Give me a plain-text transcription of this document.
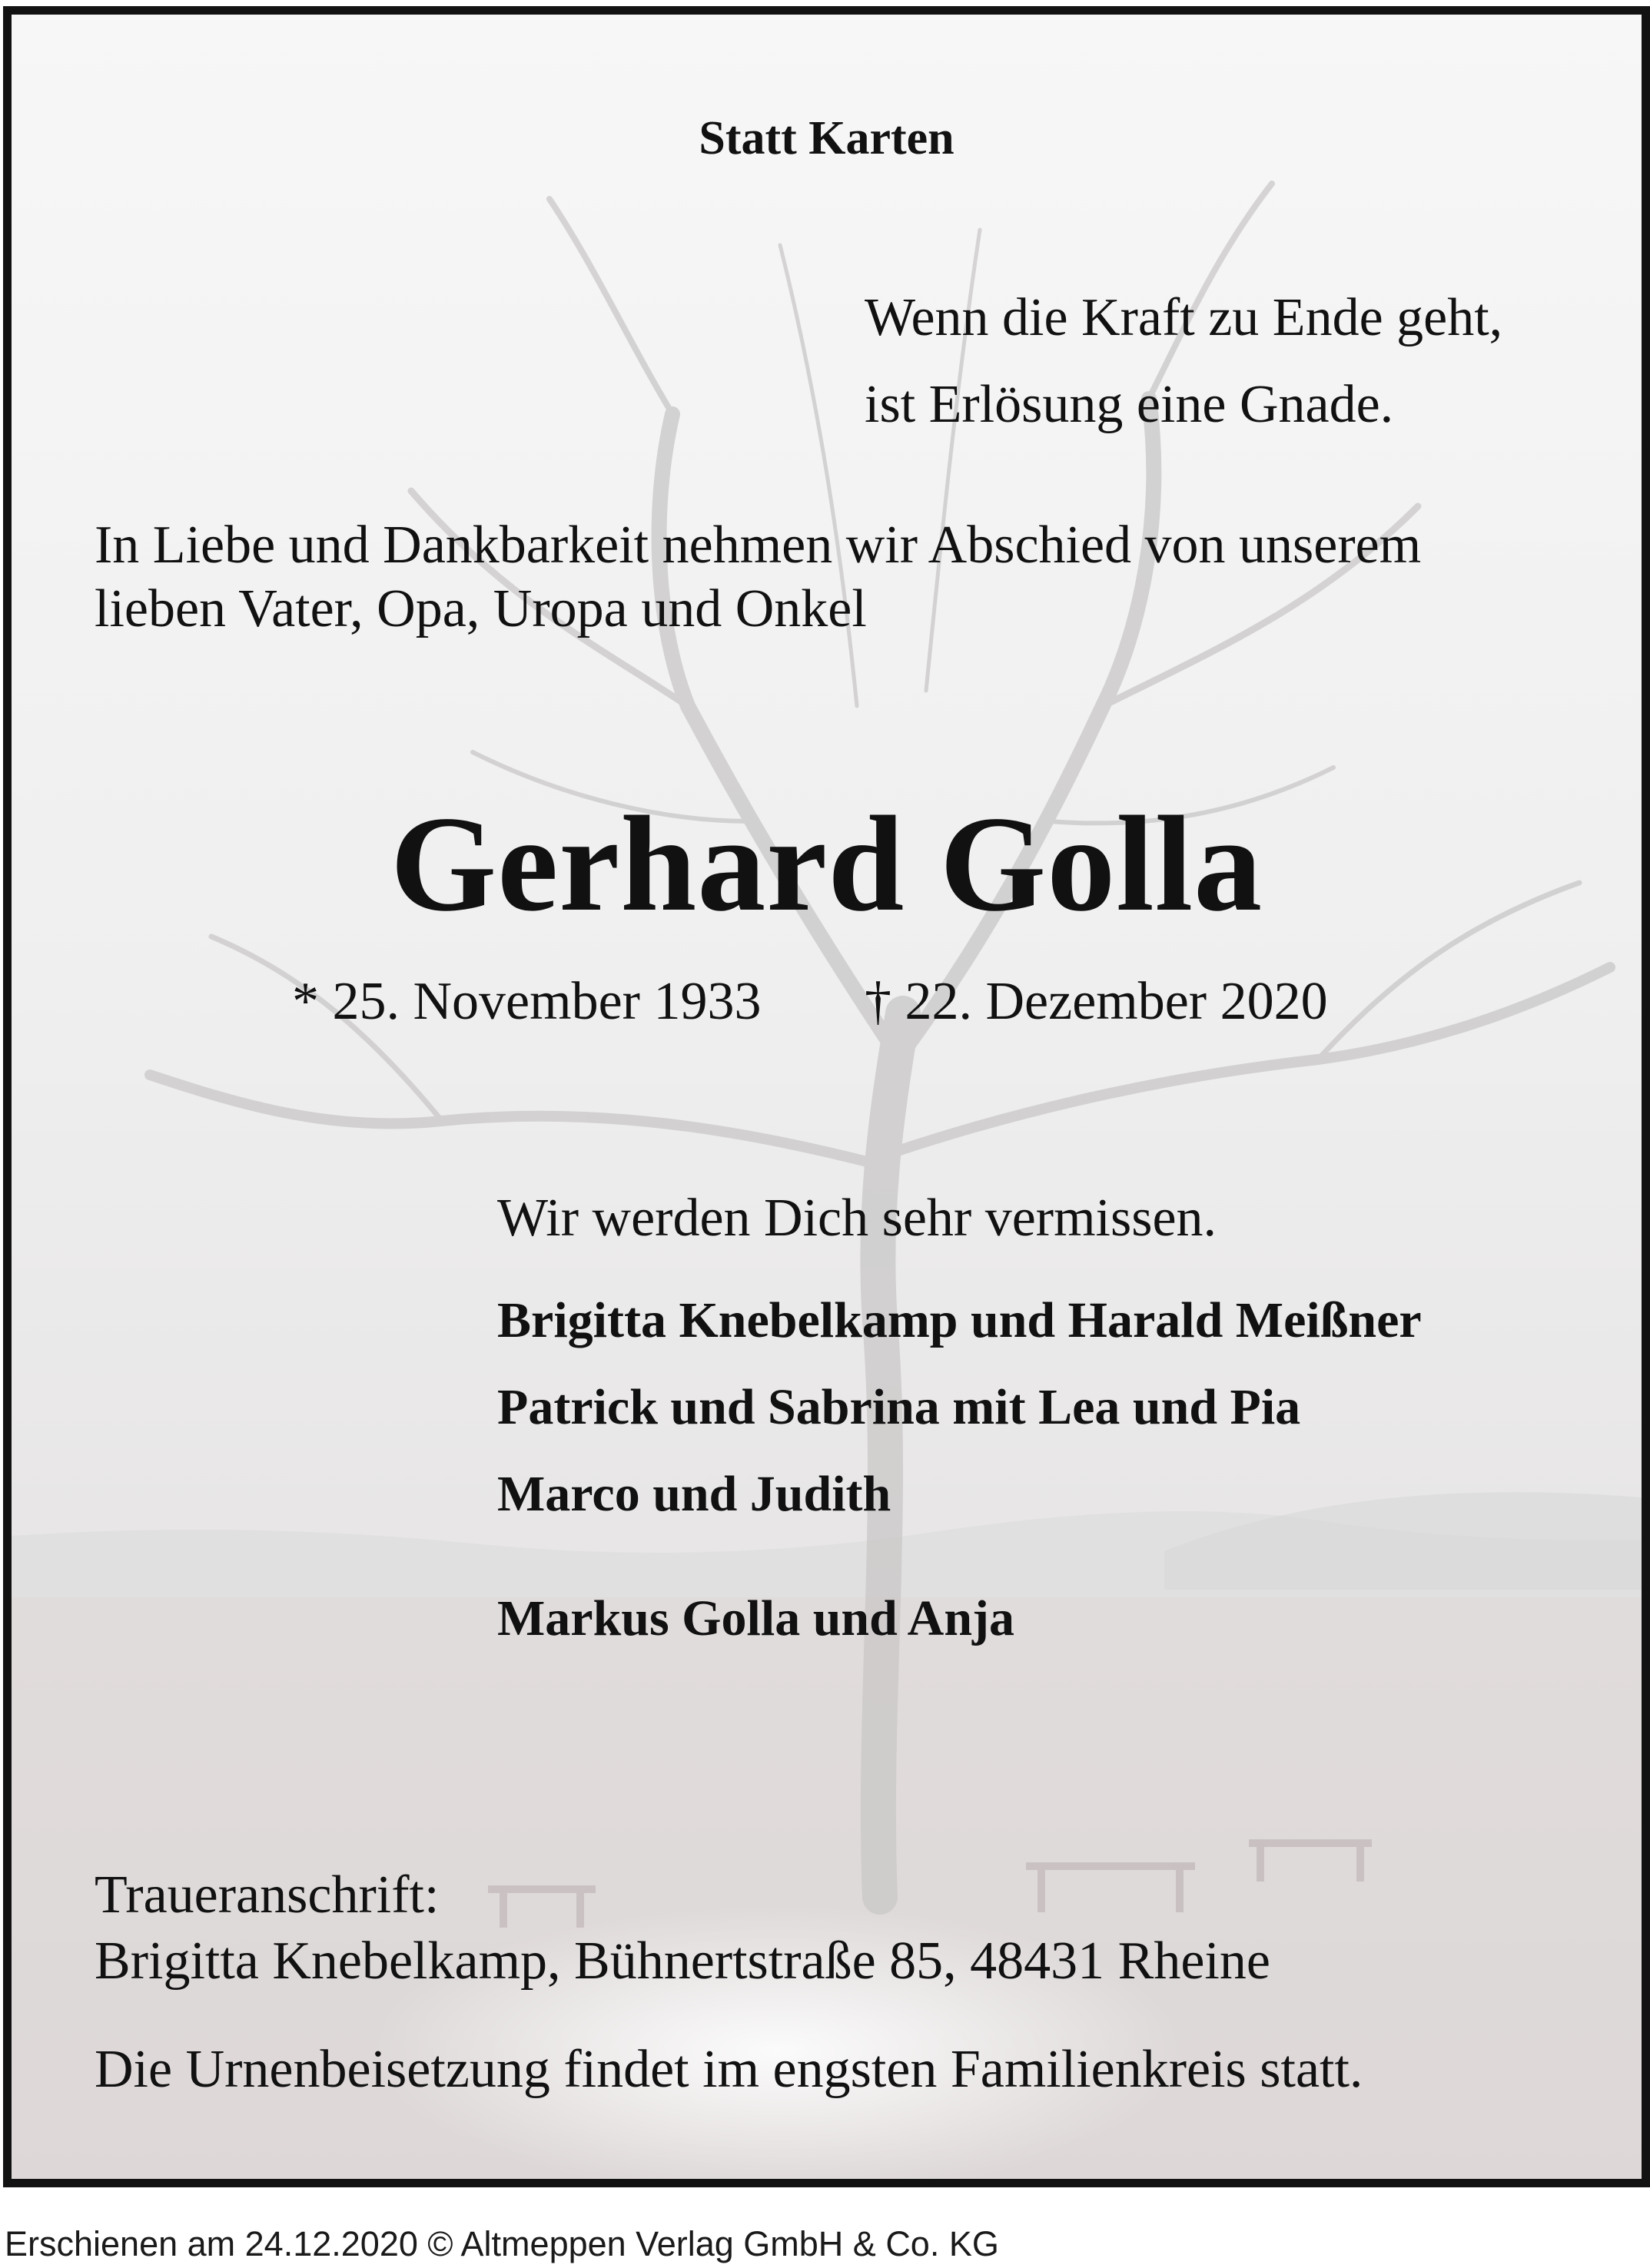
Statt Karten
Wenn die Kraft zu Ende geht,
ist Erlösung eine Gnade.
In Liebe und Dankbarkeit nehmen wir Abschied von unserem
lieben Vater, Opa, Uropa und Onkel
Gerhard Golla
* 25. November 1933 † 22. Dezember 2020
Wir werden Dich sehr vermissen.
Brigitta Knebelkamp und Harald Meißner
Patrick und Sabrina mit Lea und Pia
Marco und Judith
Markus Golla und Anja
Traueranschrift:
Brigitta Knebelkamp, Bühnertstraße 85, 48431 Rheine
Die Urnenbeisetzung findet im engsten Familienkreis statt.
Erschienen am 24.12.2020 © Altmeppen Verlag GmbH & Co. KG
